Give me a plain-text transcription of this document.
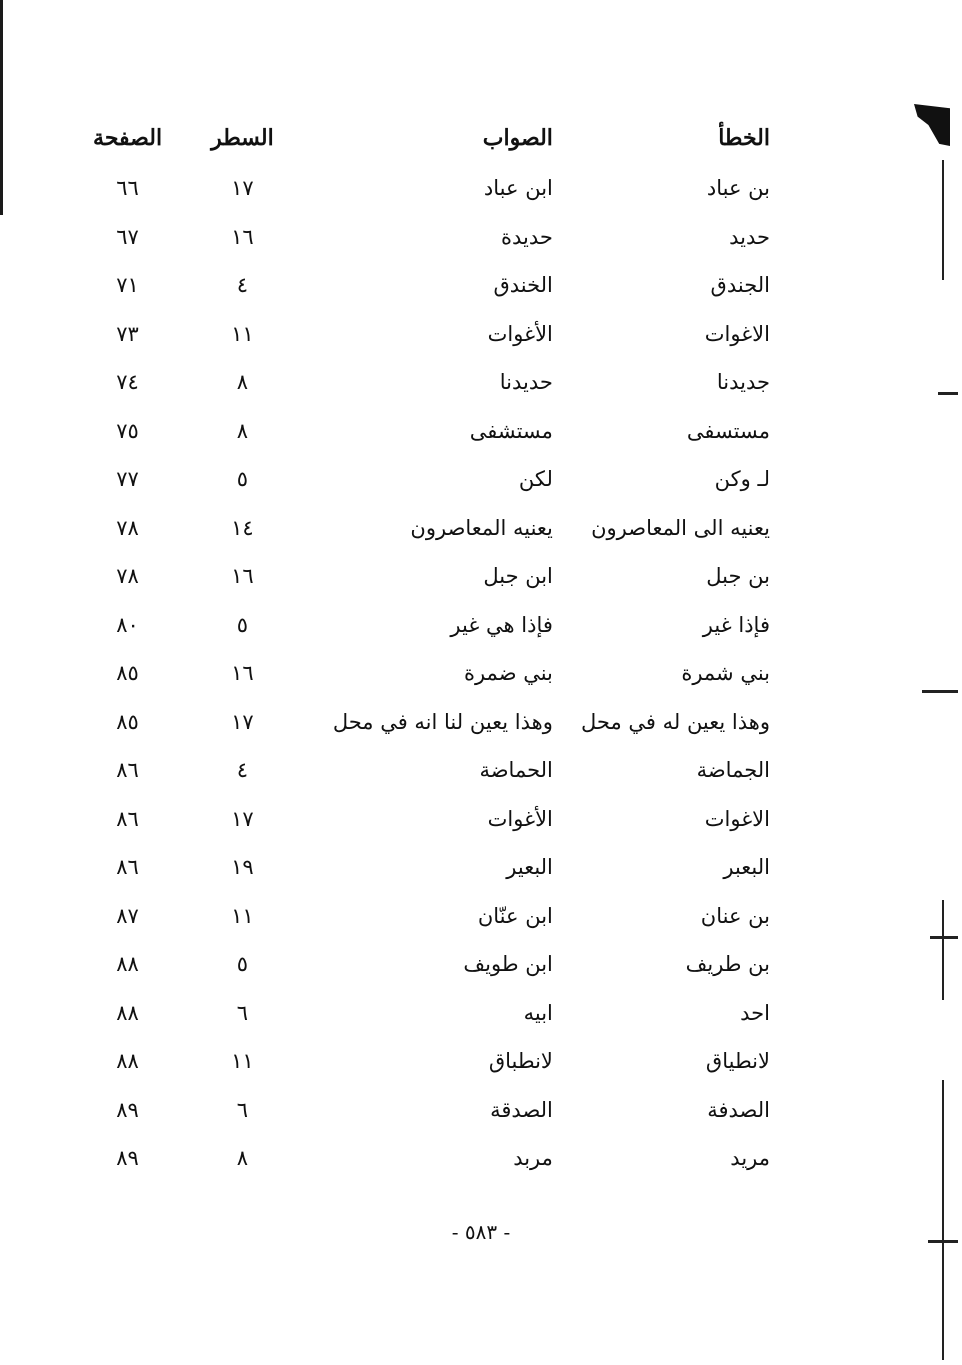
الخطأ	الصواب	السطر	الصفحة
بن عباد	ابن عباد	١٧	٦٦
حديد	حديدة	١٦	٦٧
الجندق	الخندق	٤	٧١
الاغوات	الأغوات	١١	٧٣
جديدنا	حديدنا	٨	٧٤
مستسفى	مستشفى	٨	٧٥
لـ وكن	لكن	٥	٧٧
يعنيه الى المعاصرون	يعنيه المعاصرون	١٤	٧٨
بن جبل	ابن جبل	١٦	٧٨
فإذا غير	فإذا هي غير	٥	٨٠
بني شمرة	بني ضمرة	١٦	٨٥
وهذا يعين له في محل	وهذا يعين لنا انه في محل	١٧	٨٥
الجماضة	الحماضة	٤	٨٦
الاغوات	الأغوات	١٧	٨٦
البعبر	البعير	١٩	٨٦
بن عنان	ابن عنّان	١١	٨٧
بن طريف	ابن طويف	٥	٨٨
احد	ابيه	٦	٨٨
لانطياق	لانطباق	١١	٨٨
الصدفة	الصدقة	٦	٨٩
مريد	مربد	٨	٨٩
- ٥٨٣ -
